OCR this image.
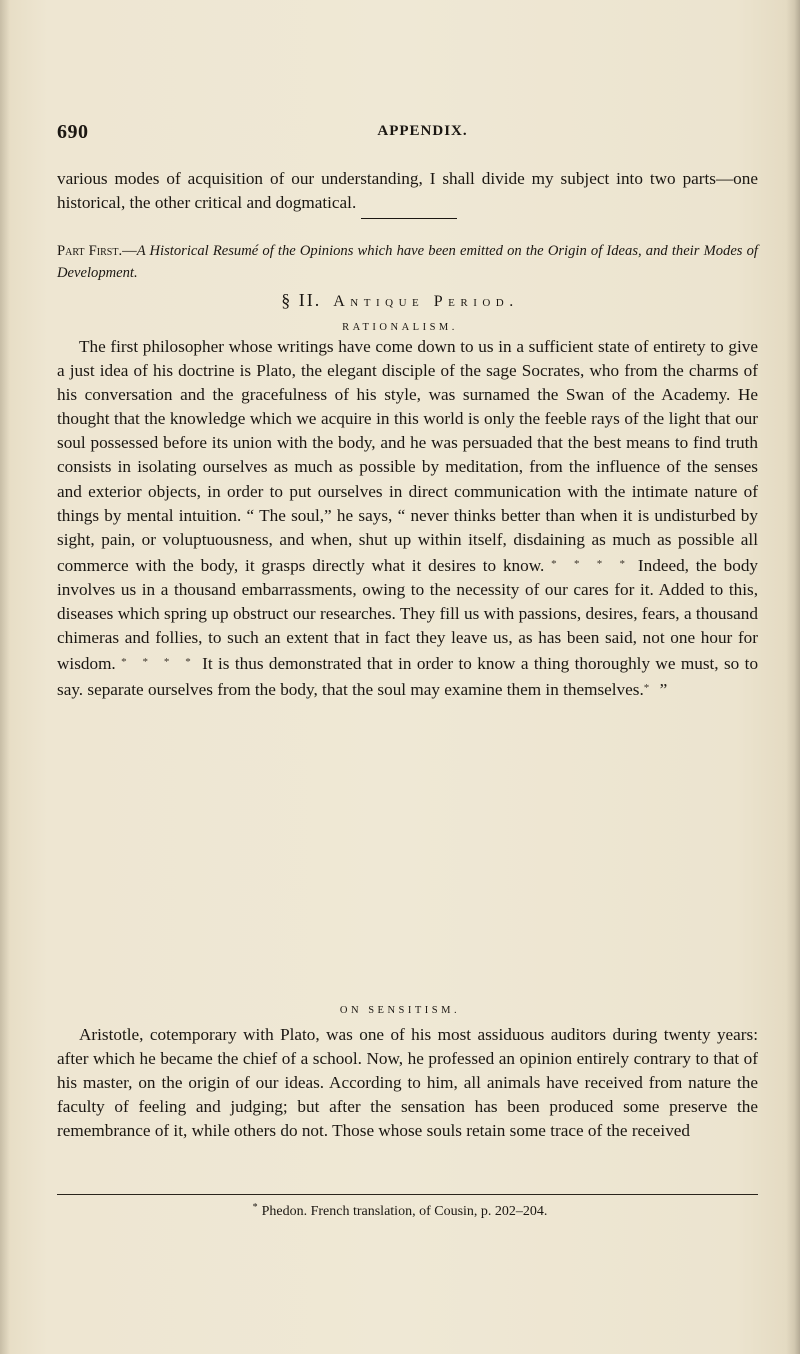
690	APPENDIX.

various modes of acquisition of our understanding, I shall divide my subject into two parts—one historical, the other critical and dogmatical.

Part First.—A Historical Resumé of the Opinions which have been emitted on the Origin of Ideas, and their Modes of Development.
§ II. Antique Period.
RATIONALISM.

The first philosopher whose writings have come down to us in a sufficient state of entirety to give a just idea of his doctrine is Plato, the elegant disciple of the sage Socrates, who from the charms of his conversation and the gracefulness of his style, was surnamed the Swan of the Academy. He thought that the knowledge which we acquire in this world is only the feeble rays of the light that our soul possessed before its union with the body, and he was persuaded that the best means to find truth consists in isolating ourselves as much as possible by meditation, from the influence of the senses and exterior objects, in order to put ourselves in direct communication with the intimate nature of things by mental intuition. “ The soul,” he says, “ never thinks better than when it is undisturbed by sight, pain, or voluptuousness, and when, shut up within itself, disdaining as much as possible all commerce with the body, it grasps directly what it desires to know. * * * * Indeed, the body involves us in a thousand embarrassments, owing to the necessity of our cares for it. Added to this, diseases which spring up obstruct our researches. They fill us with passions, desires, fears, a thousand chimeras and follies, to such an extent that in fact they leave us, as has been said, not one hour for wisdom. * * * * It is thus demonstrated that in order to know a thing thoroughly we must, so to say. separate ourselves from the body, that the soul may examine them in themselves.* ”

ON SENSITISM.

Aristotle, cotemporary with Plato, was one of his most assiduous auditors during twenty years: after which he became the chief of a school. Now, he professed an opinion entirely contrary to that of his master, on the origin of our ideas. According to him, all animals have received from nature the faculty of feeling and judging; but after the sensation has been produced some preserve the remembrance of it, while others do not. Those whose souls retain some trace of the received

* Phedon. French translation, of Cousin, p. 202–204.
